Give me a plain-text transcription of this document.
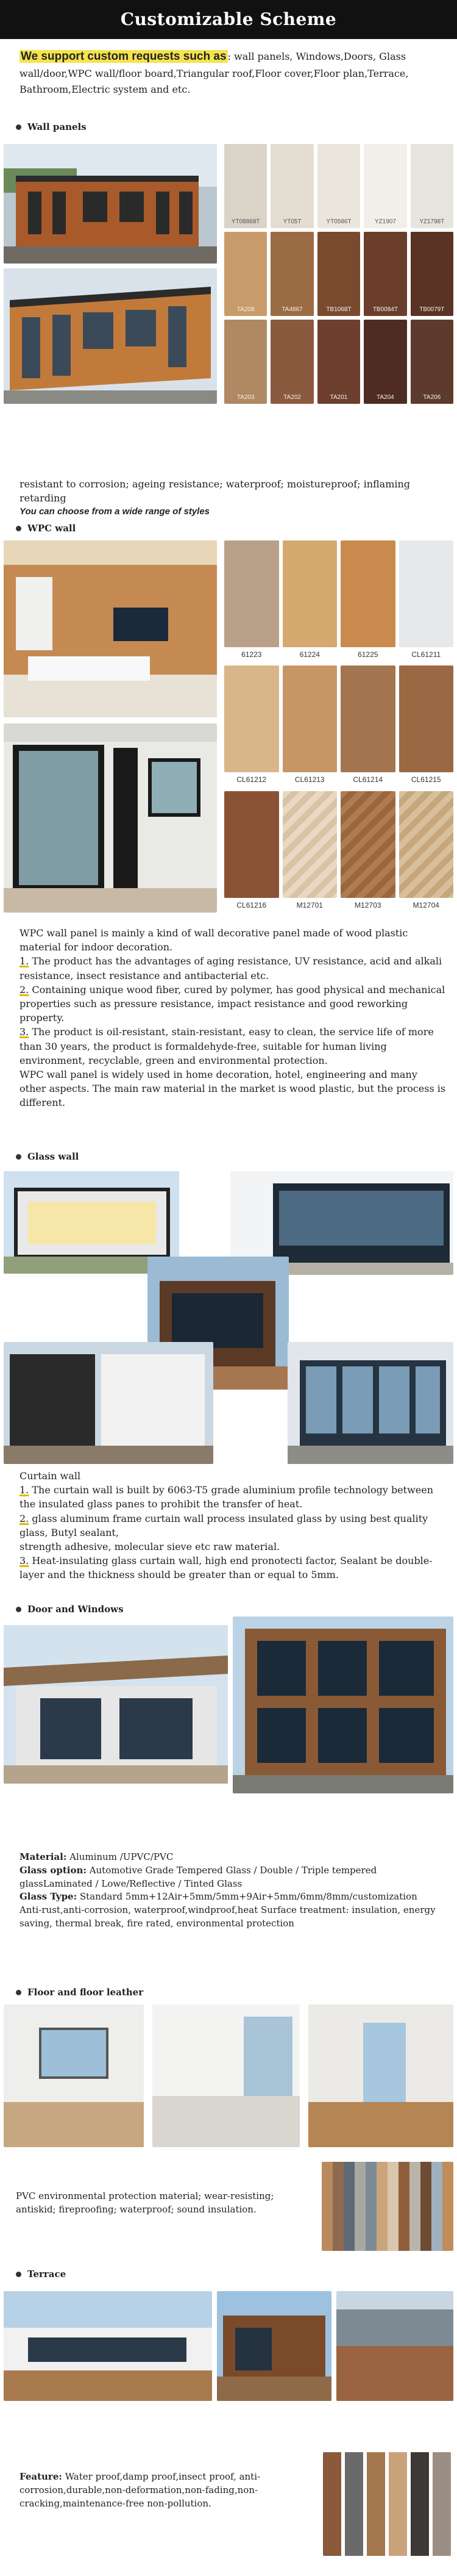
Customizable Scheme
We support custom requests such as : wall panels, Windows,Doors, Glass wall/door,WPC wall/floor board,Triangular roof,Floor cover,Floor plan,Terrace, Bathroom,Electric system and etc.
Wall panels
YT08868T	YT05T	YT0586T	YZ1907	YZ1798T
TA208	TA4867	TB1068T	TB0084T	TB0079T
TA203	TA202	TA201	TA204	TA206

resistant to corrosion; ageing resistance; waterproof; moistureproof; inflaming retarding

You can choose from a wide range of styles

WPC wall
61223	61224	61225	CL61211
CL61212	CL61213	CL61214	CL61215
CL61216	M12701	M12703	M12704

WPC wall panel is mainly a kind of wall decorative panel made of wood plastic material for indoor decoration.

1. The product has the advantages of aging resistance, UV resistance, acid and alkali resistance, insect resistance and antibacterial etc.

2. Containing unique wood fiber, cured by polymer, has good physical and mechanical properties such as pressure resistance, impact resistance and good reworking property.

3. The product is oil-resistant, stain-resistant, easy to clean, the service life of more than 30 years, the product is formaldehyde-free, suitable for human living environment, recyclable, green and environmental protection.

WPC wall panel is widely used in home decoration, hotel, engineering and many other aspects. The main raw material in the market is wood plastic, but the process is different.

Glass wall

Curtain wall

1. The curtain wall is built by 6063-T5 grade aluminium profile technology between the insulated glass panes to prohibit the transfer of heat.

2. glass aluminum frame curtain wall process insulated glass by using best quality glass, Butyl sealant,

strength adhesive, molecular sieve etc raw material.

3. Heat-insulating glass curtain wall, high end pronotecti factor, Sealant be double-layer and the thickness should be greater than or equal to 5mm.

Door and Windows

Material: Aluminum /UPVC/PVC

Glass option: Automotive Grade Tempered Glass / Double / Triple tempered glassLaminated / Lowe/Reflective / Tinted Glass

Glass Type: Standard 5mm+12Air+5mm/5mm+9Air+5mm/6mm/8mm/customization

Anti-rust,anti-corrosion, waterproof,windproof,heat Surface treatment: insulation, energy saving, thermal break, fire rated, environmental protection

Floor and floor leather

PVC environmental protection material; wear-resisting; antiskid; fireproofing; waterproof; sound insulation.

Terrace

Feature: Water proof,damp proof,insect proof, anti-corrosion,durable,non-deformation,non-fading,non-cracking,maintenance-free non-pollution.
